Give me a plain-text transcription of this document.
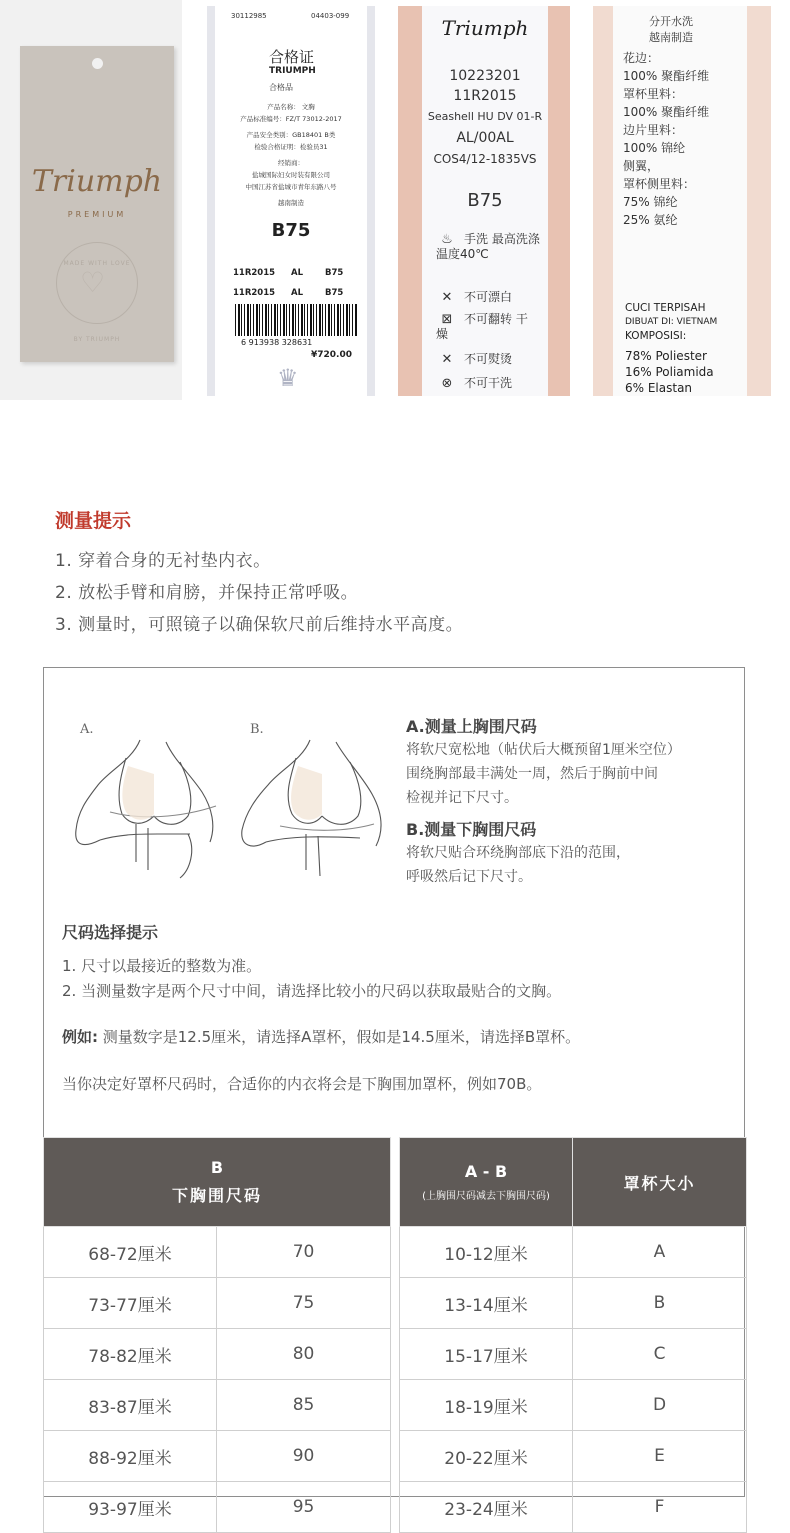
Triumph
PREMIUM
MADE WITH LOVE
♡
BY TRIUMPH
30112985	04403-099
合格证
TRIUMPH
合格品
产品名称： 文胸
产品标准编号：FZ/T 73012-2017
产品安全类别：GB18401 B类
检验合格证明：检验员31
经销商：
盐城国际妇女时装有限公司
中国江苏省盐城市青年东路八号
越南制造
B75
11R2015 AL	B75
11R2015 AL	B75
6 913938 328631
¥720.00
♛
Triumph
10223201
11R2015
Seashell HU DV 01-R
AL/00AL
COS4/12-1835VS
B75
♨ 手洗 最高洗涤 温度40℃
✕ 不可漂白
⊠ 不可翻转 干燥
✕ 不可熨烫
⊗ 不可干洗
分开水洗
越南制造
花边：
100% 聚酯纤维
罩杯里料：
100% 聚酯纤维
边片里料：
100% 锦纶
侧翼，
罩杯侧里料：
75% 锦纶
25% 氨纶
CUCI TERPISAH
DIBUAT DI: VIETNAM
KOMPOSISI:
78% Poliester
16% Poliamida
6% Elastan
测量提示
1. 穿着合身的无衬垫内衣。
2. 放松手臂和肩膀，并保持正常呼吸。
3. 测量时，可照镜子以确保软尺前后维持水平高度。
A.	B.	A.测量上胸围尺码
将软尺宽松地（帖伏后大概预留1厘米空位）
围绕胸部最丰满处一周，然后于胸前中间
检视并记下尺寸。
B.测量下胸围尺码
将软尺贴合环绕胸部底下沿的范围，
呼吸然后记下尺寸。
尺码选择提示
1. 尺寸以最接近的整数为准。
2. 当测量数字是两个尺寸中间，请选择比较小的尺码以获取最贴合的文胸。
例如: 测量数字是12.5厘米，请选择A罩杯，假如是14.5厘米，请选择B罩杯。
当你决定好罩杯尺码时，合适你的内衣将会是下胸围加罩杯，例如70B。
B
下胸围尺码	

68-72厘米	70
73-77厘米	75
78-82厘米	80
83-87厘米	85
88-92厘米	90
93-97厘米	95
A - B
(上胸围尺码减去下胸围尺码)	罩杯大小

10-12厘米	A
13-14厘米	B
15-17厘米	C
18-19厘米	D
20-22厘米	E
23-24厘米	F
